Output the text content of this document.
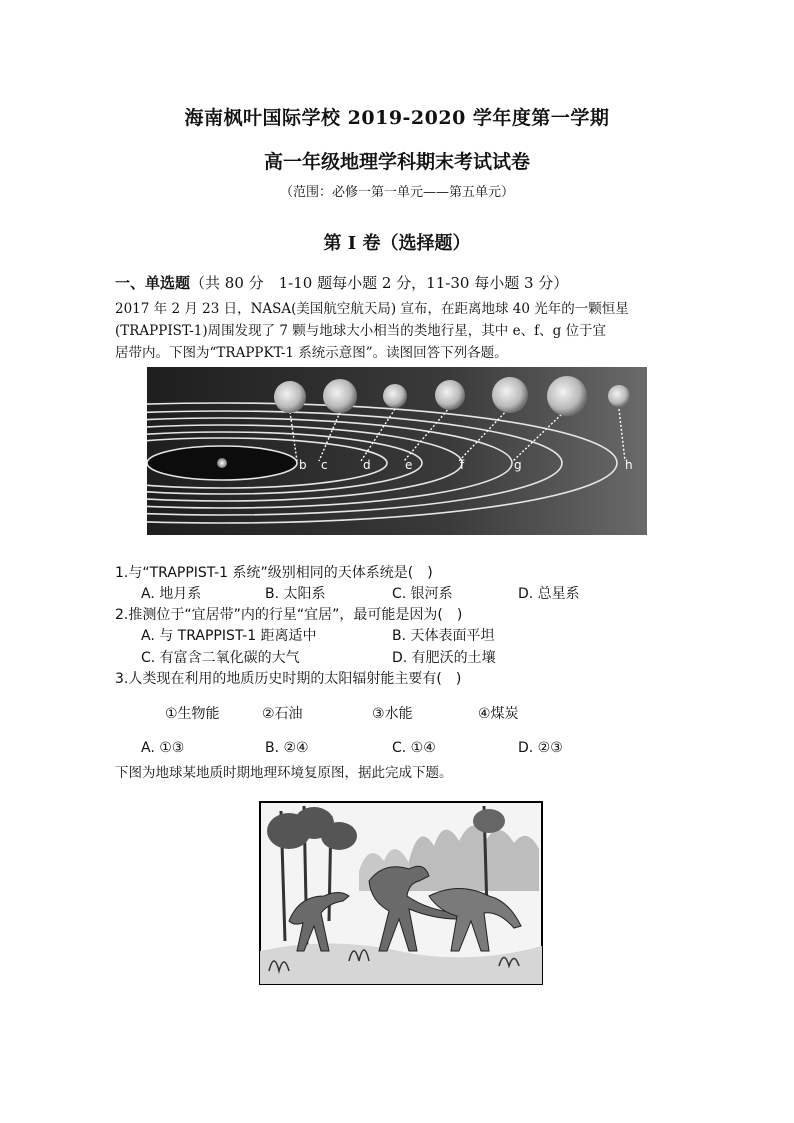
海南枫叶国际学校 2019-2020 学年度第一学期
高一年级地理学科期末考试试卷
（范围：必修一第一单元——第五单元）
第 I 卷（选择题）
一、单选题（共 80 分　1-10 题每小题 2 分，11-30 每小题 3 分）
2017 年 2 月 23 日，NASA(美国航空航天局) 宣布，在距离地球 40 光年的一颗恒星
(TRAPPIST-1)周围发现了 7 颗与地球大小相当的类地行星，其中 e、f、g 位于宜
居带内。下图为“TRAPPKT-1 系统示意图”。读图回答下列各题。
b c	d	e	f	g	h
1.与“TRAPPIST-1 系统”级别相同的天体系统是(　)
A. 地月系	B. 太阳系	C. 银河系	D. 总星系
2.推测位于“宜居带”内的行星“宜居”，最可能是因为(　)
A. 与 TRAPPIST-1 距离适中	B. 天体表面平坦
C. 有富含二氧化碳的大气	D. 有肥沃的土壤
3.人类现在利用的地质历史时期的太阳辐射能主要有(　)
①生物能	②石油	③水能	④煤炭
A. ①③	B. ②④	C. ①④	D. ②③
下图为地球某地质时期地理环境复原图，据此完成下题。
